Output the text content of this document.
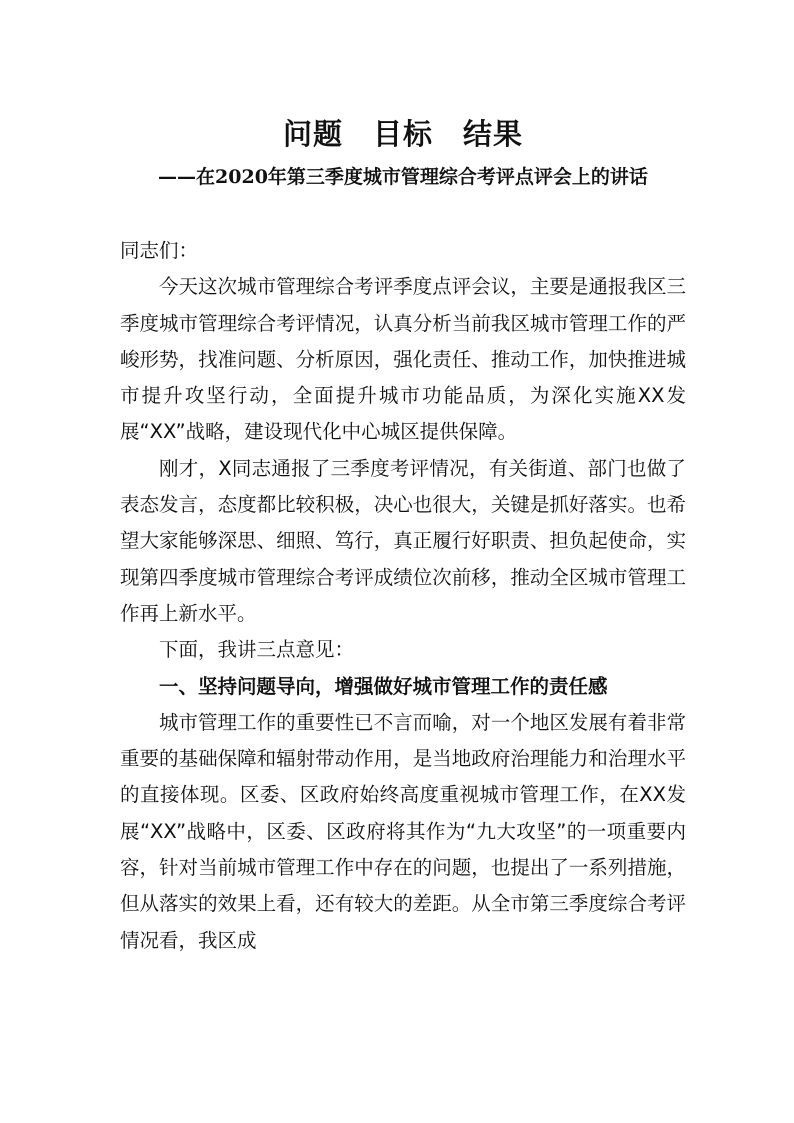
问题　目标　结果
——在2020年第三季度城市管理综合考评点评会上的讲话

同志们：

今天这次城市管理综合考评季度点评会议，主要是通报我区三季度城市管理综合考评情况，认真分析当前我区城市管理工作的严峻形势，找准问题、分析原因，强化责任、推动工作，加快推进城市提升攻坚行动，全面提升城市功能品质，为深化实施XX发展“XX”战略，建设现代化中心城区提供保障。

刚才，X同志通报了三季度考评情况，有关街道、部门也做了表态发言，态度都比较积极，决心也很大，关键是抓好落实。也希望大家能够深思、细照、笃行，真正履行好职责、担负起使命，实现第四季度城市管理综合考评成绩位次前移，推动全区城市管理工作再上新水平。

下面，我讲三点意见：

一、坚持问题导向，增强做好城市管理工作的责任感

城市管理工作的重要性已不言而喻，对一个地区发展有着非常重要的基础保障和辐射带动作用，是当地政府治理能力和治理水平的直接体现。区委、区政府始终高度重视城市管理工作，在XX发展“XX”战略中，区委、区政府将其作为“九大攻坚”的一项重要内容，针对当前城市管理工作中存在的问题，也提出了一系列措施，但从落实的效果上看，还有较大的差距。从全市第三季度综合考评情况看，我区成
